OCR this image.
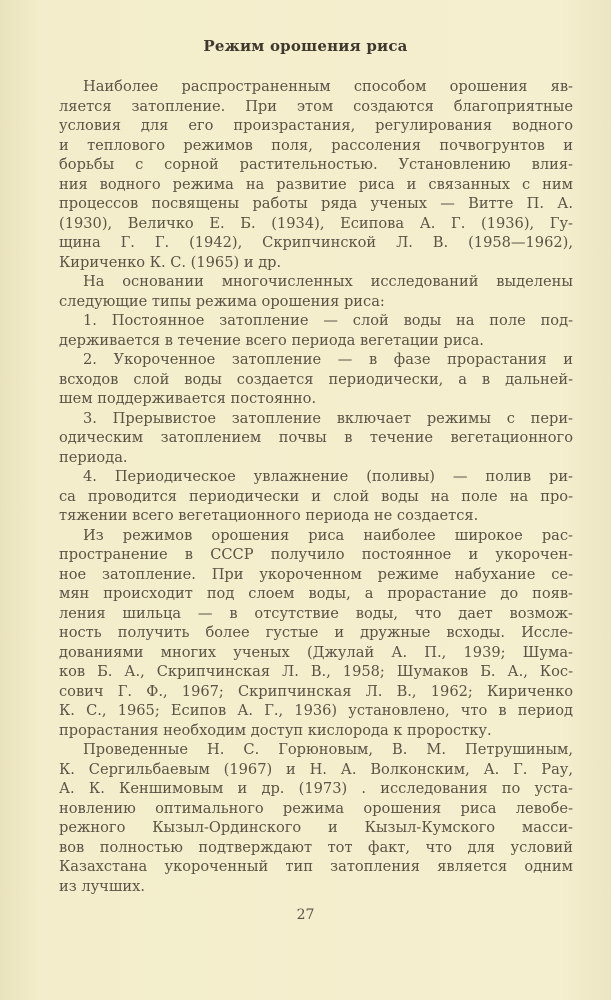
Режим орошения риса
Наиболее распространенным способом орошения яв-
ляется затопление. При этом создаются благоприятные
условия для его произрастания, регулирования водного
и теплового режимов поля, рассоления почвогрунтов и
борьбы с сорной растительностью. Установлению влия-
ния водного режима на развитие риса и связанных с ним
процессов посвящены работы ряда ученых — Витте П. А.
(1930), Величко Е. Б. (1934), Есипова А. Г. (1936), Гу-
щина Г. Г. (1942), Скрипчинской Л. В. (1958—1962),
Кириченко К. С. (1965) и др.
На основании многочисленных исследований выделены
следующие типы режима орошения риса:
1. Постоянное затопление — слой воды на поле под-
держивается в течение всего периода вегетации риса.
2. Укороченное затопление — в фазе прорастания и
всходов слой воды создается периодически, а в дальней-
шем поддерживается постоянно.
3. Прерывистое затопление включает режимы с пери-
одическим затоплением почвы в течение вегетационного
периода.
4. Периодическое увлажнение (поливы) — полив ри-
са проводится периодически и слой воды на поле на про-
тяжении всего вегетационного периода не создается.
Из режимов орошения риса наиболее широкое рас-
пространение в СССР получило постоянное и укорочен-
ное затопление. При укороченном режиме набухание се-
мян происходит под слоем воды, а прорастание до появ-
ления шильца — в отсутствие воды, что дает возмож-
ность получить более густые и дружные всходы. Иссле-
дованиями многих ученых (Джулай А. П., 1939; Шума-
ков Б. А., Скрипчинская Л. В., 1958; Шумаков Б. А., Кос-
сович Г. Ф., 1967; Скрипчинская Л. В., 1962; Кириченко
К. С., 1965; Есипов А. Г., 1936) установлено, что в период
прорастания необходим доступ кислорода к проростку.
Проведенные Н. С. Горюновым, В. М. Петрушиным,
К. Сергильбаевым (1967) и Н. А. Волконским, А. Г. Рау,
А. К. Кеншимовым и др. (1973) . исследования по уста-
новлению оптимального режима орошения риса левобе-
режного Кызыл-Ординского и Кызыл-Кумского масси-
вов полностью подтверждают тот факт, что для условий
Казахстана укороченный тип затопления является одним
из лучших.
27
